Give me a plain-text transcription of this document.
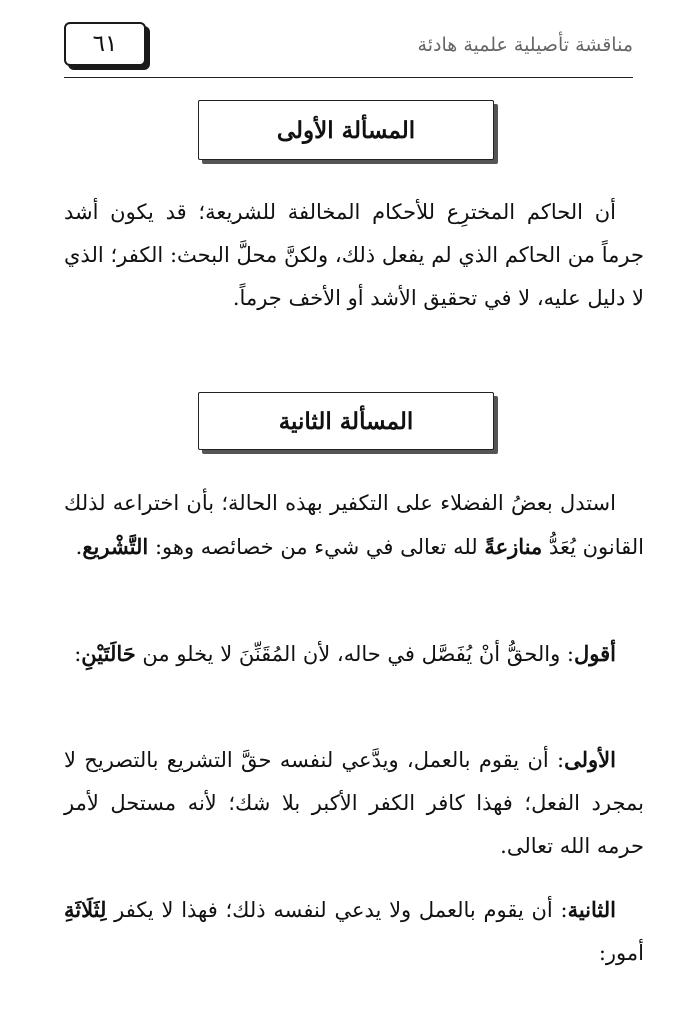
٦١	مناقشة تأصيلية علمية هادئة
المسألة الأولى

أن الحاكم المخترِع للأحكام المخالفة للشريعة؛ قد يكون أشد جرماً من الحاكم الذي لم يفعل ذلك، ولكنَّ محلَّ البحث: الكفر؛ الذي لا دليل عليه، لا في تحقيق الأشد أو الأخف جرماً.

المسألة الثانية

استدل بعضُ الفضلاء على التكفير بهذه الحالة؛ بأن اختراعه لذلك القانون يُعَدُّ منازعةً لله تعالى في شيء من خصائصه وهو: التَّشْريع.

أقول: والحقُّ أنْ يُفَصَّل في حاله، لأن المُقَنِّنَ لا يخلو من حَالَتَيْنِ:

الأولى: أن يقوم بالعمل، ويدَّعي لنفسه حقَّ التشريع بالتصريح لا بمجرد الفعل؛ فهذا كافر الكفر الأكبر بلا شك؛ لأنه مستحل لأمر حرمه الله تعالى.

الثانية: أن يقوم بالعمل ولا يدعي لنفسه ذلك؛ فهذا لا يكفر لِثَلَاثَةِ أمور:
